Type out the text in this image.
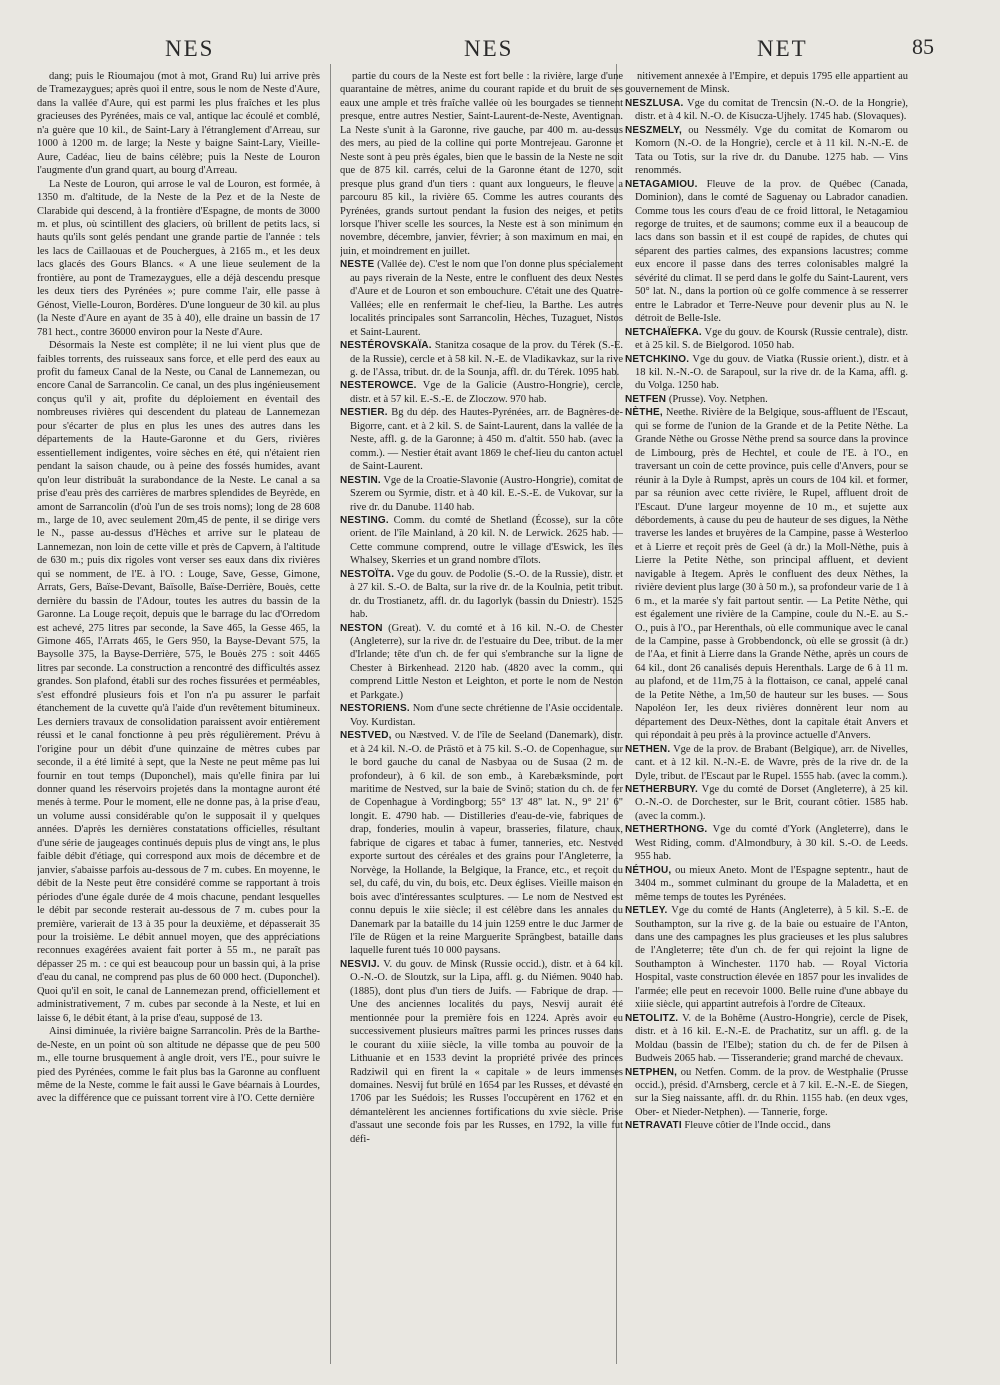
NES	NES	NET	85

dang; puis le Rioumajou (mot à mot, Grand Ru) lui arrive près de Tramezaygues; après quoi il entre, sous le nom de Neste d'Aure, dans la vallée d'Aure, qui est parmi les plus fraîches et les plus gracieuses des Pyrénées, mais ce val, antique lac écoulé et comblé, n'a guère que 10 kil., de Saint-Lary à l'étranglement d'Arreau, sur 1000 à 1200 m. de large; la Neste y baigne Saint-Lary, Vieille-Aure, Cadéac, lieu de bains célèbre; puis la Neste de Louron l'augmente d'un grand quart, au bourg d'Arreau.

La Neste de Louron, qui arrose le val de Louron, est formée, à 1350 m. d'altitude, de la Neste de la Pez et de la Neste de Clarabide qui descend, à la frontière d'Espagne, de monts de 3000 m. et plus, où scintillent des glaciers, où brillent de petits lacs, si hauts qu'ils sont gelés pendant une grande partie de l'année : tels les lacs de Caillaouas et de Pouchergues, à 2165 m., et les deux lacs glacés des Gours Blancs. « A une lieue seulement de la frontière, au pont de Tramezaygues, elle a déjà descendu presque les deux tiers des Pyrénées »; pure comme l'air, elle passe à Génost, Vielle-Louron, Bordères. D'une longueur de 30 kil. au plus (la Neste d'Aure en ayant de 35 à 40), elle draine un bassin de 17 781 hect., contre 36000 environ pour la Neste d'Aure.

Désormais la Neste est complète; il ne lui vient plus que de faibles torrents, des ruisseaux sans force, et elle perd des eaux au profit du fameux Canal de la Neste, ou Canal de Lannemezan, ou encore Canal de Sarrancolin. Ce canal, un des plus ingénieusement conçus qu'il y ait, profite du déploiement en éventail des nombreuses rivières qui descendent du plateau de Lannemezan pour s'écarter de plus en plus les unes des autres dans les départements de la Haute-Garonne et du Gers, rivières essentiellement indigentes, voire sèches en été, qui n'étaient rien pendant la saison chaude, ou à peine des fossés humides, avant qu'on leur distribuât la surabondance de la Neste. Le canal a sa prise d'eau près des carrières de marbres splendides de Beyrède, en amont de Sarrancolin (d'où l'un de ses trois noms); long de 28 608 m., large de 10, avec seulement 20m,45 de pente, il se dirige vers le N., passe au-dessus d'Hèches et arrive sur le plateau de Lannemezan, non loin de cette ville et près de Capvern, à l'altitude de 630 m.; puis dix rigoles vont verser ses eaux dans dix rivières qui se nomment, de l'E. à l'O. : Louge, Save, Gesse, Gimone, Arrats, Gers, Baïse-Devant, Baïsolle, Baïse-Derrière, Bouès, cette dernière du bassin de l'Adour, toutes les autres du bassin de la Garonne. La Louge reçoit, depuis que le barrage du lac d'Orredom est achevé, 275 litres par seconde, la Save 465, la Gesse 465, la Gimone 465, l'Arrats 465, le Gers 950, la Bayse-Devant 575, la Baysolle 375, la Bayse-Derrière, 575, le Bouès 275 : soit 4465 litres par seconde. La construction a rencontré des difficultés assez grandes. Son plafond, établi sur des roches fissurées et perméables, s'est effondré plusieurs fois et l'on n'a pu assurer le parfait étanchement de la cuvette qu'à l'aide d'un revêtement bitumineux. Les derniers travaux de consolidation paraissent avoir entièrement réussi et le canal fonctionne à peu près régulièrement. Prévu à l'origine pour un débit d'une quinzaine de mètres cubes par seconde, il a été limité à sept, que la Neste ne peut même pas lui fournir en tout temps (Duponchel), mais qu'elle finira par lui donner quand les réservoirs projetés dans la montagne auront été menés à terme. Pour le moment, elle ne donne pas, à la prise d'eau, un volume aussi considérable qu'on le supposait il y quelques années. D'après les dernières constatations officielles, résultant d'une série de jaugeages continués depuis plus de vingt ans, le plus faible débit d'étiage, qui correspond aux mois de décembre et de janvier, s'abaisse parfois au-dessous de 7 m. cubes. En moyenne, le débit de la Neste peut être considéré comme se rapportant à trois périodes d'une égale durée de 4 mois chacune, pendant lesquelles le débit par seconde resterait au-dessous de 7 m. cubes pour la première, varierait de 13 à 35 pour la deuxième, et dépasserait 35 pour la troisième. Le débit annuel moyen, que des appréciations reconnues exagérées avaient fait porter à 55 m., ne paraît pas dépasser 25 m. : ce qui est beaucoup pour un bassin qui, à la prise d'eau du canal, ne comprend pas plus de 60 000 hect. (Duponchel). Quoi qu'il en soit, le canal de Lannemezan prend, officiellement et administrativement, 7 m. cubes par seconde à la Neste, et lui en laisse 6, le débit étant, à la prise d'eau, supposé de 13.

Ainsi diminuée, la rivière baigne Sarrancolin. Près de la Barthe-de-Neste, en un point où son altitude ne dépasse que de peu 500 m., elle tourne brusquement à angle droit, vers l'E., pour suivre le pied des Pyrénées, comme le fait plus bas la Garonne au confluent même de la Neste, comme le fait aussi le Gave béarnais à Lourdes, avec la différence que ce puissant torrent vire à l'O. Cette dernière

partie du cours de la Neste est fort belle : la rivière, large d'une quarantaine de mètres, anime du courant rapide et du bruit de ses eaux une ample et très fraîche vallée où les bourgades se tiennent presque, entre autres Nestier, Saint-Laurent-de-Neste, Aventignan. La Neste s'unit à la Garonne, rive gauche, par 400 m. au-dessus des mers, au pied de la colline qui porte Montrejeau. Garonne et Neste sont à peu près égales, bien que le bassin de la Neste ne soit que de 875 kil. carrés, celui de la Garonne étant de 1270, soit presque plus grand d'un tiers : quant aux longueurs, le fleuve a parcouru 85 kil., la rivière 65. Comme les autres courants des Pyrénées, grands surtout pendant la fusion des neiges, et petits lorsque l'hiver scelle les sources, la Neste est à son minimum en novembre, décembre, janvier, février; à son maximum en mai, en juin, et moindrement en juillet.

NESTE (Vallée de). C'est le nom que l'on donne plus spécialement au pays riverain de la Neste, entre le confluent des deux Nestes d'Aure et de Louron et son embouchure. C'était une des Quatre-Vallées; elle en renfermait le chef-lieu, la Barthe. Les autres localités principales sont Sarrancolin, Hèches, Tuzaguet, Nistos et Saint-Laurent.

NESTÉROVSKAÏA. Stanitza cosaque de la prov. du Térek (S.-E. de la Russie), cercle et à 58 kil. N.-E. de Vladikavkaz, sur la rive g. de l'Assa, tribut. dr. de la Sounja, affl. dr. du Térek. 1095 hab.

NESTEROWCE. Vge de la Galicie (Austro-Hongrie), cercle, distr. et à 57 kil. E.-S.-E. de Zloczow. 970 hab.

NESTIER. Bg du dép. des Hautes-Pyrénées, arr. de Bagnères-de-Bigorre, cant. et à 2 kil. S. de Saint-Laurent, dans la vallée de la Neste, affl. g. de la Garonne; à 450 m. d'altit. 550 hab. (avec la comm.). — Nestier était avant 1869 le chef-lieu du canton actuel de Saint-Laurent.

NESTIN. Vge de la Croatie-Slavonie (Austro-Hongrie), comitat de Szerem ou Syrmie, distr. et à 40 kil. E.-S.-E. de Vukovar, sur la rive dr. du Danube. 1140 hab.

NESTING. Comm. du comté de Shetland (Écosse), sur la côte orient. de l'île Mainland, à 20 kil. N. de Lerwick. 2625 hab. — Cette commune comprend, outre le village d'Eswick, les îles Whalsey, Skerries et un grand nombre d'îlots.

NESTOÏTA. Vge du gouv. de Podolie (S.-O. de la Russie), distr. et à 27 kil. S.-O. de Balta, sur la rive dr. de la Koulnia, petit tribut. dr. du Trostianetz, affl. dr. du Iagorlyk (bassin du Dniestr). 1525 hab.

NESTON (Great). V. du comté et à 16 kil. N.-O. de Chester (Angleterre), sur la rive dr. de l'estuaire du Dee, tribut. de la mer d'Irlande; tête d'un ch. de fer qui s'embranche sur la ligne de Chester à Birkenhead. 2120 hab. (4820 avec la comm., qui comprend Little Neston et Leighton, et porte le nom de Neston et Parkgate.)

NESTORIENS. Nom d'une secte chrétienne de l'Asie occidentale. Voy. Kurdistan.

NESTVED, ou Næstved. V. de l'île de Seeland (Danemark), distr. et à 24 kil. N.-O. de Prästö et à 75 kil. S.-O. de Copenhague, sur le bord gauche du canal de Nasbyaa ou de Susaa (2 m. de profondeur), à 6 kil. de son emb., à Karebæksminde, port maritime de Nestved, sur la baie de Svinö; station du ch. de fer de Copenhague à Vordingborg; 55° 13' 48" lat. N., 9° 21' 6" longit. E. 4790 hab. — Distilleries d'eau-de-vie, fabriques de drap, fonderies, moulin à vapeur, brasseries, filature, chaux, fabrique de cigares et tabac à fumer, tanneries, etc. Nestved exporte surtout des céréales et des grains pour l'Angleterre, la Norvège, la Hollande, la Belgique, la France, etc., et reçoit du sel, du café, du vin, du bois, etc. Deux églises. Vieille maison en bois avec d'intéressantes sculptures. — Le nom de Nestved est connu depuis le xiie siècle; il est célèbre dans les annales du Danemark par la bataille du 14 juin 1259 entre le duc Jarmer de l'île de Rügen et la reine Marguerite Sprängbest, bataille dans laquelle furent tués 10 000 paysans.

NESVIJ. V. du gouv. de Minsk (Russie occid.), distr. et à 64 kil. O.-N.-O. de Sloutzk, sur la Lipa, affl. g. du Niémen. 9040 hab. (1885), dont plus d'un tiers de Juifs. — Fabrique de drap. — Une des anciennes localités du pays, Nesvij aurait été mentionnée pour la première fois en 1224. Après avoir eu successivement plusieurs maîtres parmi les princes russes dans le courant du xiiie siècle, la ville tomba au pouvoir de la Lithuanie et en 1533 devint la propriété privée des princes Radziwil qui en firent la « capitale » de leurs immenses domaines. Nesvij fut brûlé en 1654 par les Russes, et dévasté en 1706 par les Suédois; les Russes l'occupèrent en 1762 et en démantelèrent les anciennes fortifications du xvie siècle. Prise d'assaut une seconde fois par les Russes, en 1792, la ville fut défi-

nitivement annexée à l'Empire, et depuis 1795 elle appartient au gouvernement de Minsk.

NESZLUSA. Vge du comitat de Trencsin (N.-O. de la Hongrie), distr. et à 4 kil. N.-O. de Kisucza-Ujhely. 1745 hab. (Slovaques).

NESZMELY, ou Nessmély. Vge du comitat de Komarom ou Komorn (N.-O. de la Hongrie), cercle et à 11 kil. N.-N.-E. de Tata ou Totis, sur la rive dr. du Danube. 1275 hab. — Vins renommés.

NETAGAMIOU. Fleuve de la prov. de Québec (Canada, Dominion), dans le comté de Saguenay ou Labrador canadien. Comme tous les cours d'eau de ce froid littoral, le Netagamiou regorge de truites, et de saumons; comme eux il a beaucoup de lacs dans son bassin et il est coupé de rapides, de chutes qui séparent des parties calmes, des expansions lacustres; comme eux encore il passe dans des terres colonisables malgré la sévérité du climat. Il se perd dans le golfe du Saint-Laurent, vers 50° lat. N., dans la portion où ce golfe commence à se resserrer entre le Labrador et Terre-Neuve pour devenir plus au N. le détroit de Belle-Isle.

NETCHAÏEFKA. Vge du gouv. de Koursk (Russie centrale), distr. et à 25 kil. S. de Bielgorod. 1050 hab.

NETCHKINO. Vge du gouv. de Viatka (Russie orient.), distr. et à 18 kil. N.-N.-O. de Sarapoul, sur la rive dr. de la Kama, affl. g. du Volga. 1250 hab.

NETFEN (Prusse). Voy. Netphen.

NÈTHE, Neethe. Rivière de la Belgique, sous-affluent de l'Escaut, qui se forme de l'union de la Grande et de la Petite Nèthe. La Grande Nèthe ou Grosse Nèthe prend sa source dans la province de Limbourg, près de Hechtel, et coule de l'E. à l'O., en traversant un coin de cette province, puis celle d'Anvers, pour se réunir à la Dyle à Rumpst, après un cours de 104 kil. et former, par sa réunion avec cette rivière, le Rupel, affluent droit de l'Escaut. D'une largeur moyenne de 10 m., et sujette aux débordements, à cause du peu de hauteur de ses digues, la Nèthe traverse les landes et bruyères de la Campine, passe à Westerloo et à Lierre et reçoit près de Geel (à dr.) la Moll-Nèthe, puis à Lierre la Petite Nèthe, son principal affluent, et devient navigable à Itegem. Après le confluent des deux Nèthes, la rivière devient plus large (30 à 50 m.), sa profondeur varie de 1 à 6 m., et la marée s'y fait partout sentir. — La Petite Nèthe, qui est également une rivière de la Campine, coule du N.-E. au S.-O., puis à l'O., par Herenthals, où elle communique avec le canal de la Campine, passe à Grobbendonck, où elle se grossit (à dr.) de l'Aa, et finit à Lierre dans la Grande Nèthe, après un cours de 64 kil., dont 26 canalisés depuis Herenthals. Large de 6 à 11 m. au plafond, et de 11m,75 à la flottaison, ce canal, appelé canal de la Petite Nèthe, a 1m,50 de hauteur sur les buses. — Sous Napoléon Ier, les deux rivières donnèrent leur nom au département des Deux-Nèthes, dont la capitale était Anvers et qui répondait à peu près à la province actuelle d'Anvers.

NETHEN. Vge de la prov. de Brabant (Belgique), arr. de Nivelles, cant. et à 12 kil. N.-N.-E. de Wavre, près de la rive dr. de la Dyle, tribut. de l'Escaut par le Rupel. 1555 hab. (avec la comm.).

NETHERBURY. Vge du comté de Dorset (Angleterre), à 25 kil. O.-N.-O. de Dorchester, sur le Brit, courant côtier. 1585 hab. (avec la comm.).

NETHERTHONG. Vge du comté d'York (Angleterre), dans le West Riding, comm. d'Almondbury, à 30 kil. S.-O. de Leeds. 955 hab.

NÉTHOU, ou mieux Aneto. Mont de l'Espagne septentr., haut de 3404 m., sommet culminant du groupe de la Maladetta, et en même temps de toutes les Pyrénées.

NETLEY. Vge du comté de Hants (Angleterre), à 5 kil. S.-E. de Southampton, sur la rive g. de la baie ou estuaire de l'Anton, dans une des campagnes les plus gracieuses et les plus salubres de l'Angleterre; tête d'un ch. de fer qui rejoint la ligne de Southampton à Winchester. 1170 hab. — Royal Victoria Hospital, vaste construction élevée en 1857 pour les invalides de l'armée; elle peut en recevoir 1000. Belle ruine d'une abbaye du xiiie siècle, qui appartint autrefois à l'ordre de Cîteaux.

NETOLITZ. V. de la Bohême (Austro-Hongrie), cercle de Pisek, distr. et à 16 kil. E.-N.-E. de Prachatitz, sur un affl. g. de la Moldau (bassin de l'Elbe); station du ch. de fer de Pilsen à Budweis 2065 hab. — Tisseranderie; grand marché de chevaux.

NETPHEN, ou Netfen. Comm. de la prov. de Westphalie (Prusse occid.), présid. d'Arnsberg, cercle et à 7 kil. E.-N.-E. de Siegen, sur la Sieg naissante, affl. dr. du Rhin. 1155 hab. (en deux vges, Ober- et Nieder-Netphen). — Tannerie, forge.

NETRAVATI Fleuve côtier de l'Inde occid., dans
